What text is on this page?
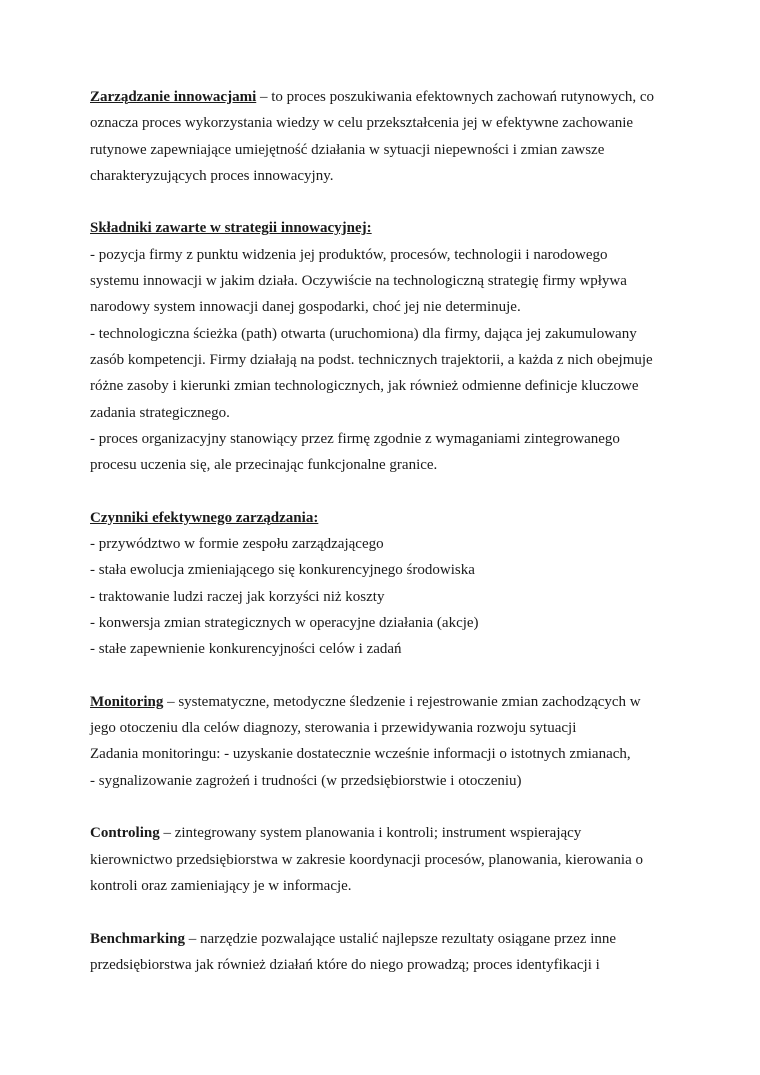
Zarządzanie innowacjami – to proces poszukiwania efektownych zachowań rutynowych, co
oznacza proces wykorzystania wiedzy w celu przekształcenia jej w efektywne zachowanie
rutynowe zapewniające umiejętność działania w sytuacji niepewności i zmian zawsze
charakteryzujących proces innowacyjny.
Składniki zawarte w strategii innowacyjnej:
- pozycja firmy z punktu widzenia jej produktów, procesów, technologii i narodowego
systemu innowacji w jakim działa. Oczywiście na technologiczną strategię firmy wpływa
narodowy system innowacji danej gospodarki, choć jej nie determinuje.
- technologiczna ścieżka (path) otwarta (uruchomiona) dla firmy, dająca jej zakumulowany
zasób kompetencji. Firmy działają na podst. technicznych trajektorii, a każda z nich obejmuje
różne zasoby i kierunki zmian technologicznych, jak również odmienne definicje kluczowe
zadania strategicznego.
- proces organizacyjny stanowiący przez firmę zgodnie z wymaganiami zintegrowanego
procesu uczenia się, ale przecinając funkcjonalne granice.
Czynniki efektywnego zarządzania:
- przywództwo w formie zespołu zarządzającego
- stała ewolucja zmieniającego się konkurencyjnego środowiska
- traktowanie ludzi raczej jak korzyści niż koszty
- konwersja zmian strategicznych w operacyjne działania (akcje)
- stałe zapewnienie konkurencyjności celów i zadań
Monitoring – systematyczne, metodyczne śledzenie i rejestrowanie zmian zachodzących w
jego otoczeniu dla celów diagnozy, sterowania i przewidywania rozwoju sytuacji
Zadania monitoringu: - uzyskanie dostatecznie wcześnie informacji o istotnych zmianach,
- sygnalizowanie zagrożeń i trudności (w przedsiębiorstwie i otoczeniu)
Controling – zintegrowany system planowania i kontroli; instrument wspierający
kierownictwo przedsiębiorstwa w zakresie koordynacji procesów, planowania, kierowania o
kontroli oraz zamieniający je w informacje.
Benchmarking – narzędzie pozwalające ustalić najlepsze rezultaty osiągane przez inne
przedsiębiorstwa jak również działań które do niego prowadzą; proces identyfikacji i
